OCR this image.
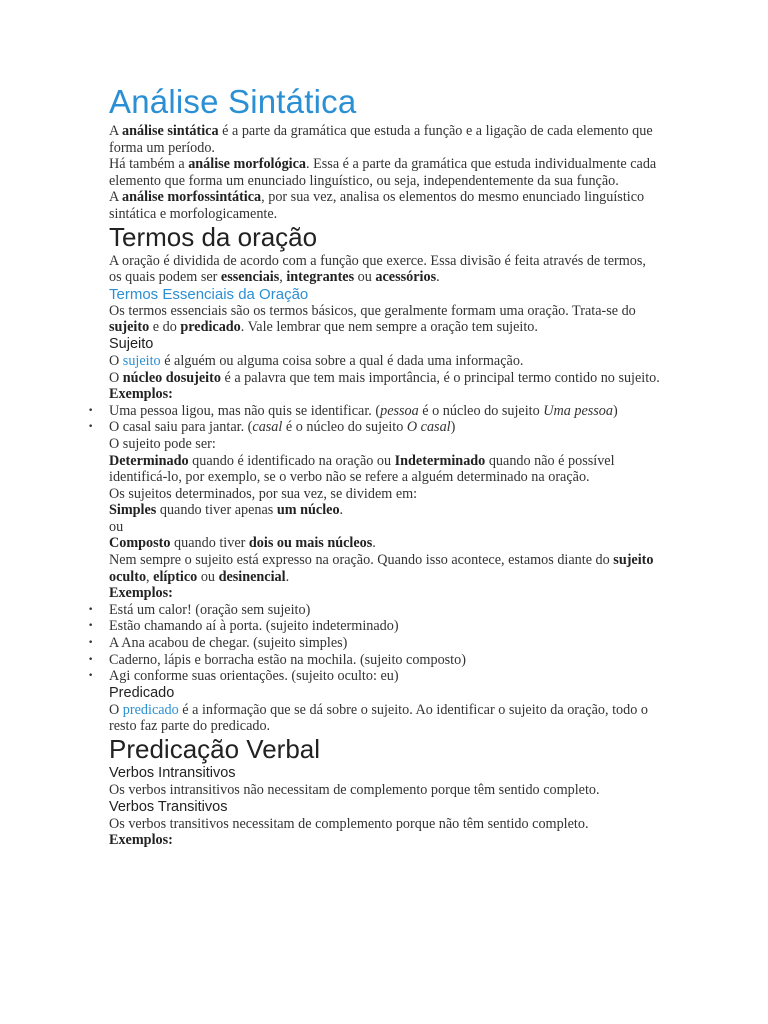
Análise Sintática

A análise sintática é a parte da gramática que estuda a função e a ligação de cada elemento que forma um período.

Há também a análise morfológica. Essa é a parte da gramática que estuda individualmente cada elemento que forma um enunciado linguístico, ou seja, independentemente da sua função.

A análise morfossintática, por sua vez, analisa os elementos do mesmo enunciado linguístico sintática e morfologicamente.

Termos da oração

A oração é dividida de acordo com a função que exerce. Essa divisão é feita através de termos, os quais podem ser essenciais, integrantes ou acessórios.

Termos Essenciais da Oração

Os termos essenciais são os termos básicos, que geralmente formam uma oração. Trata-se do sujeito e do predicado. Vale lembrar que nem sempre a oração tem sujeito.

Sujeito

O sujeito é alguém ou alguma coisa sobre a qual é dada uma informação.

O núcleo dosujeito é a palavra que tem mais importância, é o principal termo contido no sujeito.

Exemplos:

• Uma pessoa ligou, mas não quis se identificar. (pessoa é o núcleo do sujeito Uma pessoa)
• O casal saiu para jantar. (casal é o núcleo do sujeito O casal)

O sujeito pode ser:

Determinado quando é identificado na oração ou Indeterminado quando não é possível identificá-lo, por exemplo, se o verbo não se refere a alguém determinado na oração.

Os sujeitos determinados, por sua vez, se dividem em:

Simples quando tiver apenas um núcleo.

ou

Composto quando tiver dois ou mais núcleos.

Nem sempre o sujeito está expresso na oração. Quando isso acontece, estamos diante do sujeito oculto, elíptico ou desinencial.

Exemplos:

• Está um calor! (oração sem sujeito)
• Estão chamando aí à porta. (sujeito indeterminado)
• A Ana acabou de chegar. (sujeito simples)
• Caderno, lápis e borracha estão na mochila. (sujeito composto)
• Agi conforme suas orientações. (sujeito oculto: eu)
Predicado

O predicado é a informação que se dá sobre o sujeito. Ao identificar o sujeito da oração, todo o resto faz parte do predicado.

Predicação Verbal
Verbos Intransitivos

Os verbos intransitivos não necessitam de complemento porque têm sentido completo.

Verbos Transitivos

Os verbos transitivos necessitam de complemento porque não têm sentido completo.

Exemplos:
